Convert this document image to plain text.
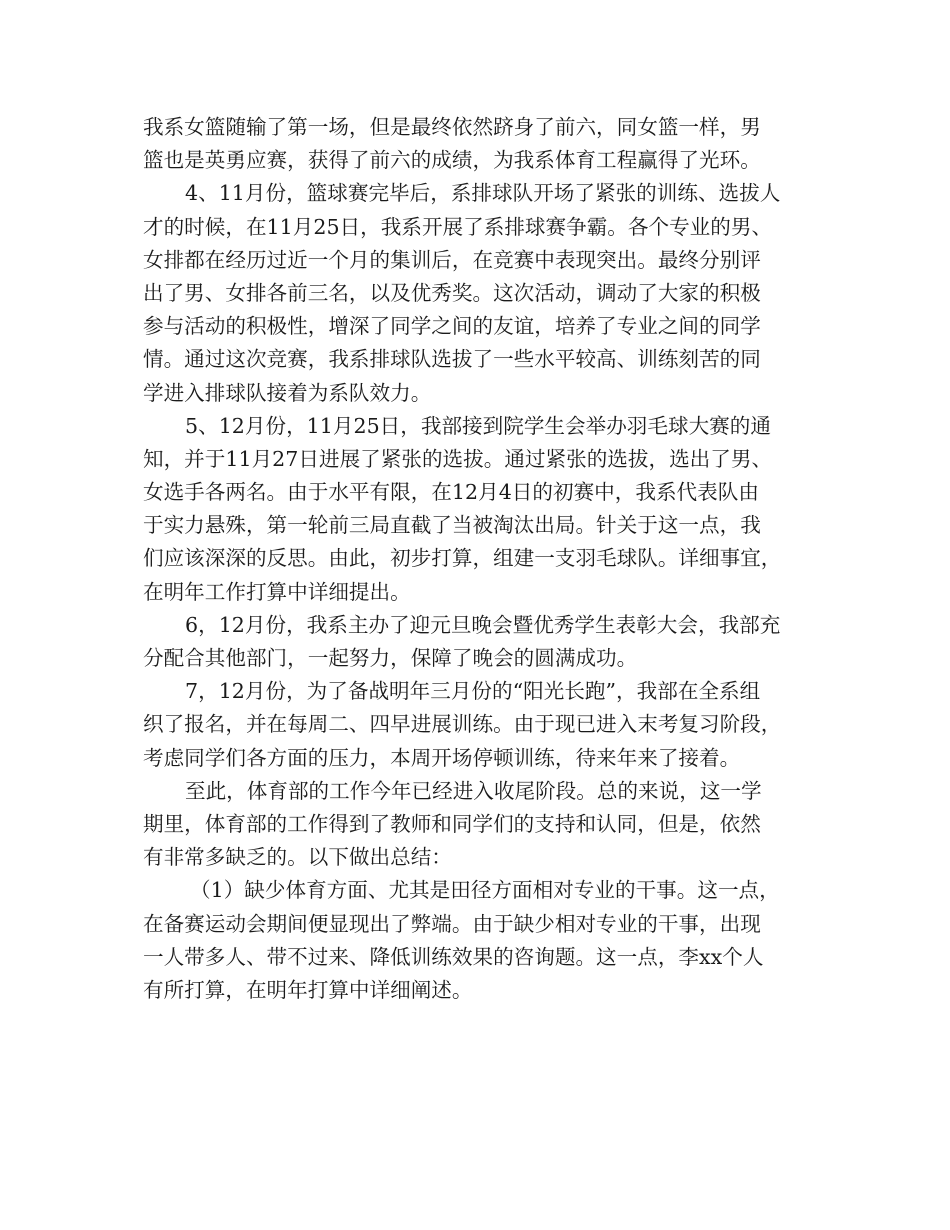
我系女篮随输了第一场，但是最终依然跻身了前六，同女篮一样，男
篮也是英勇应赛，获得了前六的成绩，为我系体育工程赢得了光环。
4、11月份，篮球赛完毕后，系排球队开场了紧张的训练、选拔人
才的时候，在11月25日，我系开展了系排球赛争霸。各个专业的男、
女排都在经历过近一个月的集训后，在竞赛中表现突出。最终分别评
出了男、女排各前三名，以及优秀奖。这次活动，调动了大家的积极
参与活动的积极性，增深了同学之间的友谊，培养了专业之间的同学
情。通过这次竞赛，我系排球队选拔了一些水平较高、训练刻苦的同
学进入排球队接着为系队效力。
5、12月份，11月25日，我部接到院学生会举办羽毛球大赛的通
知，并于11月27日进展了紧张的选拔。通过紧张的选拔，选出了男、
女选手各两名。由于水平有限，在12月4日的初赛中，我系代表队由
于实力悬殊，第一轮前三局直截了当被淘汰出局。针关于这一点，我
们应该深深的反思。由此，初步打算，组建一支羽毛球队。详细事宜，
在明年工作打算中详细提出。
6，12月份，我系主办了迎元旦晚会暨优秀学生表彰大会，我部充
分配合其他部门，一起努力，保障了晚会的圆满成功。
7，12月份，为了备战明年三月份的“阳光长跑”，我部在全系组
织了报名，并在每周二、四早进展训练。由于现已进入末考复习阶段，
考虑同学们各方面的压力，本周开场停顿训练，待来年来了接着。
至此，体育部的工作今年已经进入收尾阶段。总的来说，这一学
期里，体育部的工作得到了教师和同学们的支持和认同，但是，依然
有非常多缺乏的。以下做出总结：
（1）缺少体育方面、尤其是田径方面相对专业的干事。这一点，
在备赛运动会期间便显现出了弊端。由于缺少相对专业的干事，出现
一人带多人、带不过来、降低训练效果的咨询题。这一点，李xx个人
有所打算，在明年打算中详细阐述。
